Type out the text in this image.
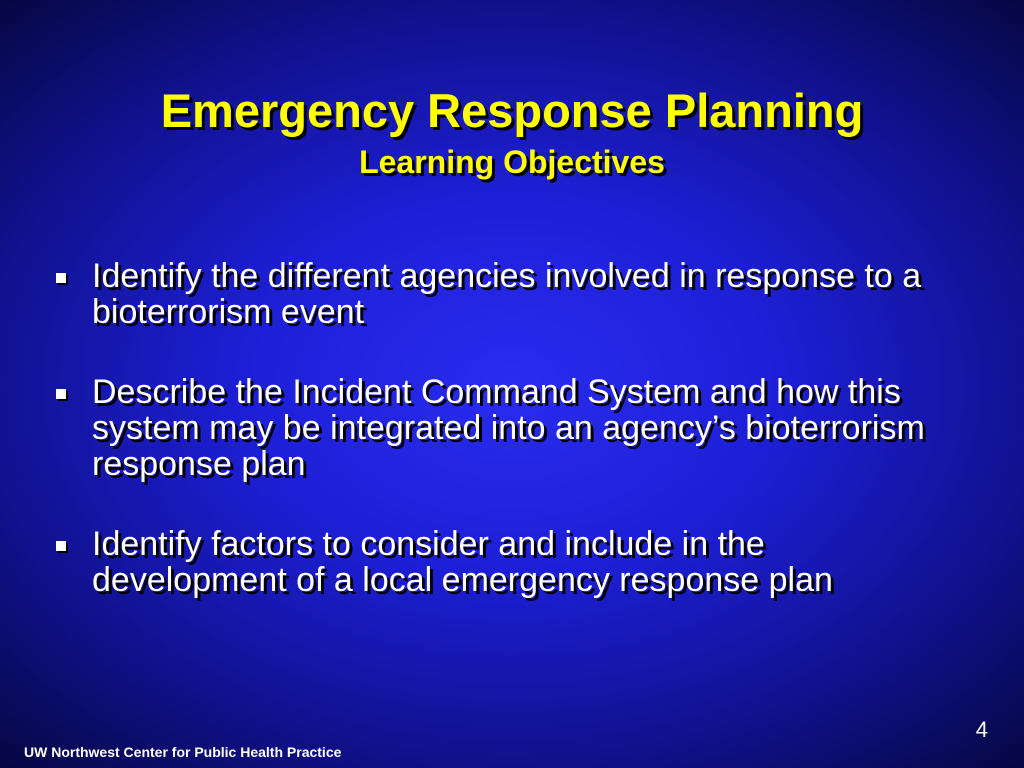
Emergency Response Planning
Learning Objectives
Identify the different agencies involved in response to a bioterrorism event
Describe the Incident Command System and how this system may be integrated into an agency’s bioterrorism response plan
Identify factors to consider and include in the development of a local emergency response plan
4
UW Northwest Center for Public Health Practice
